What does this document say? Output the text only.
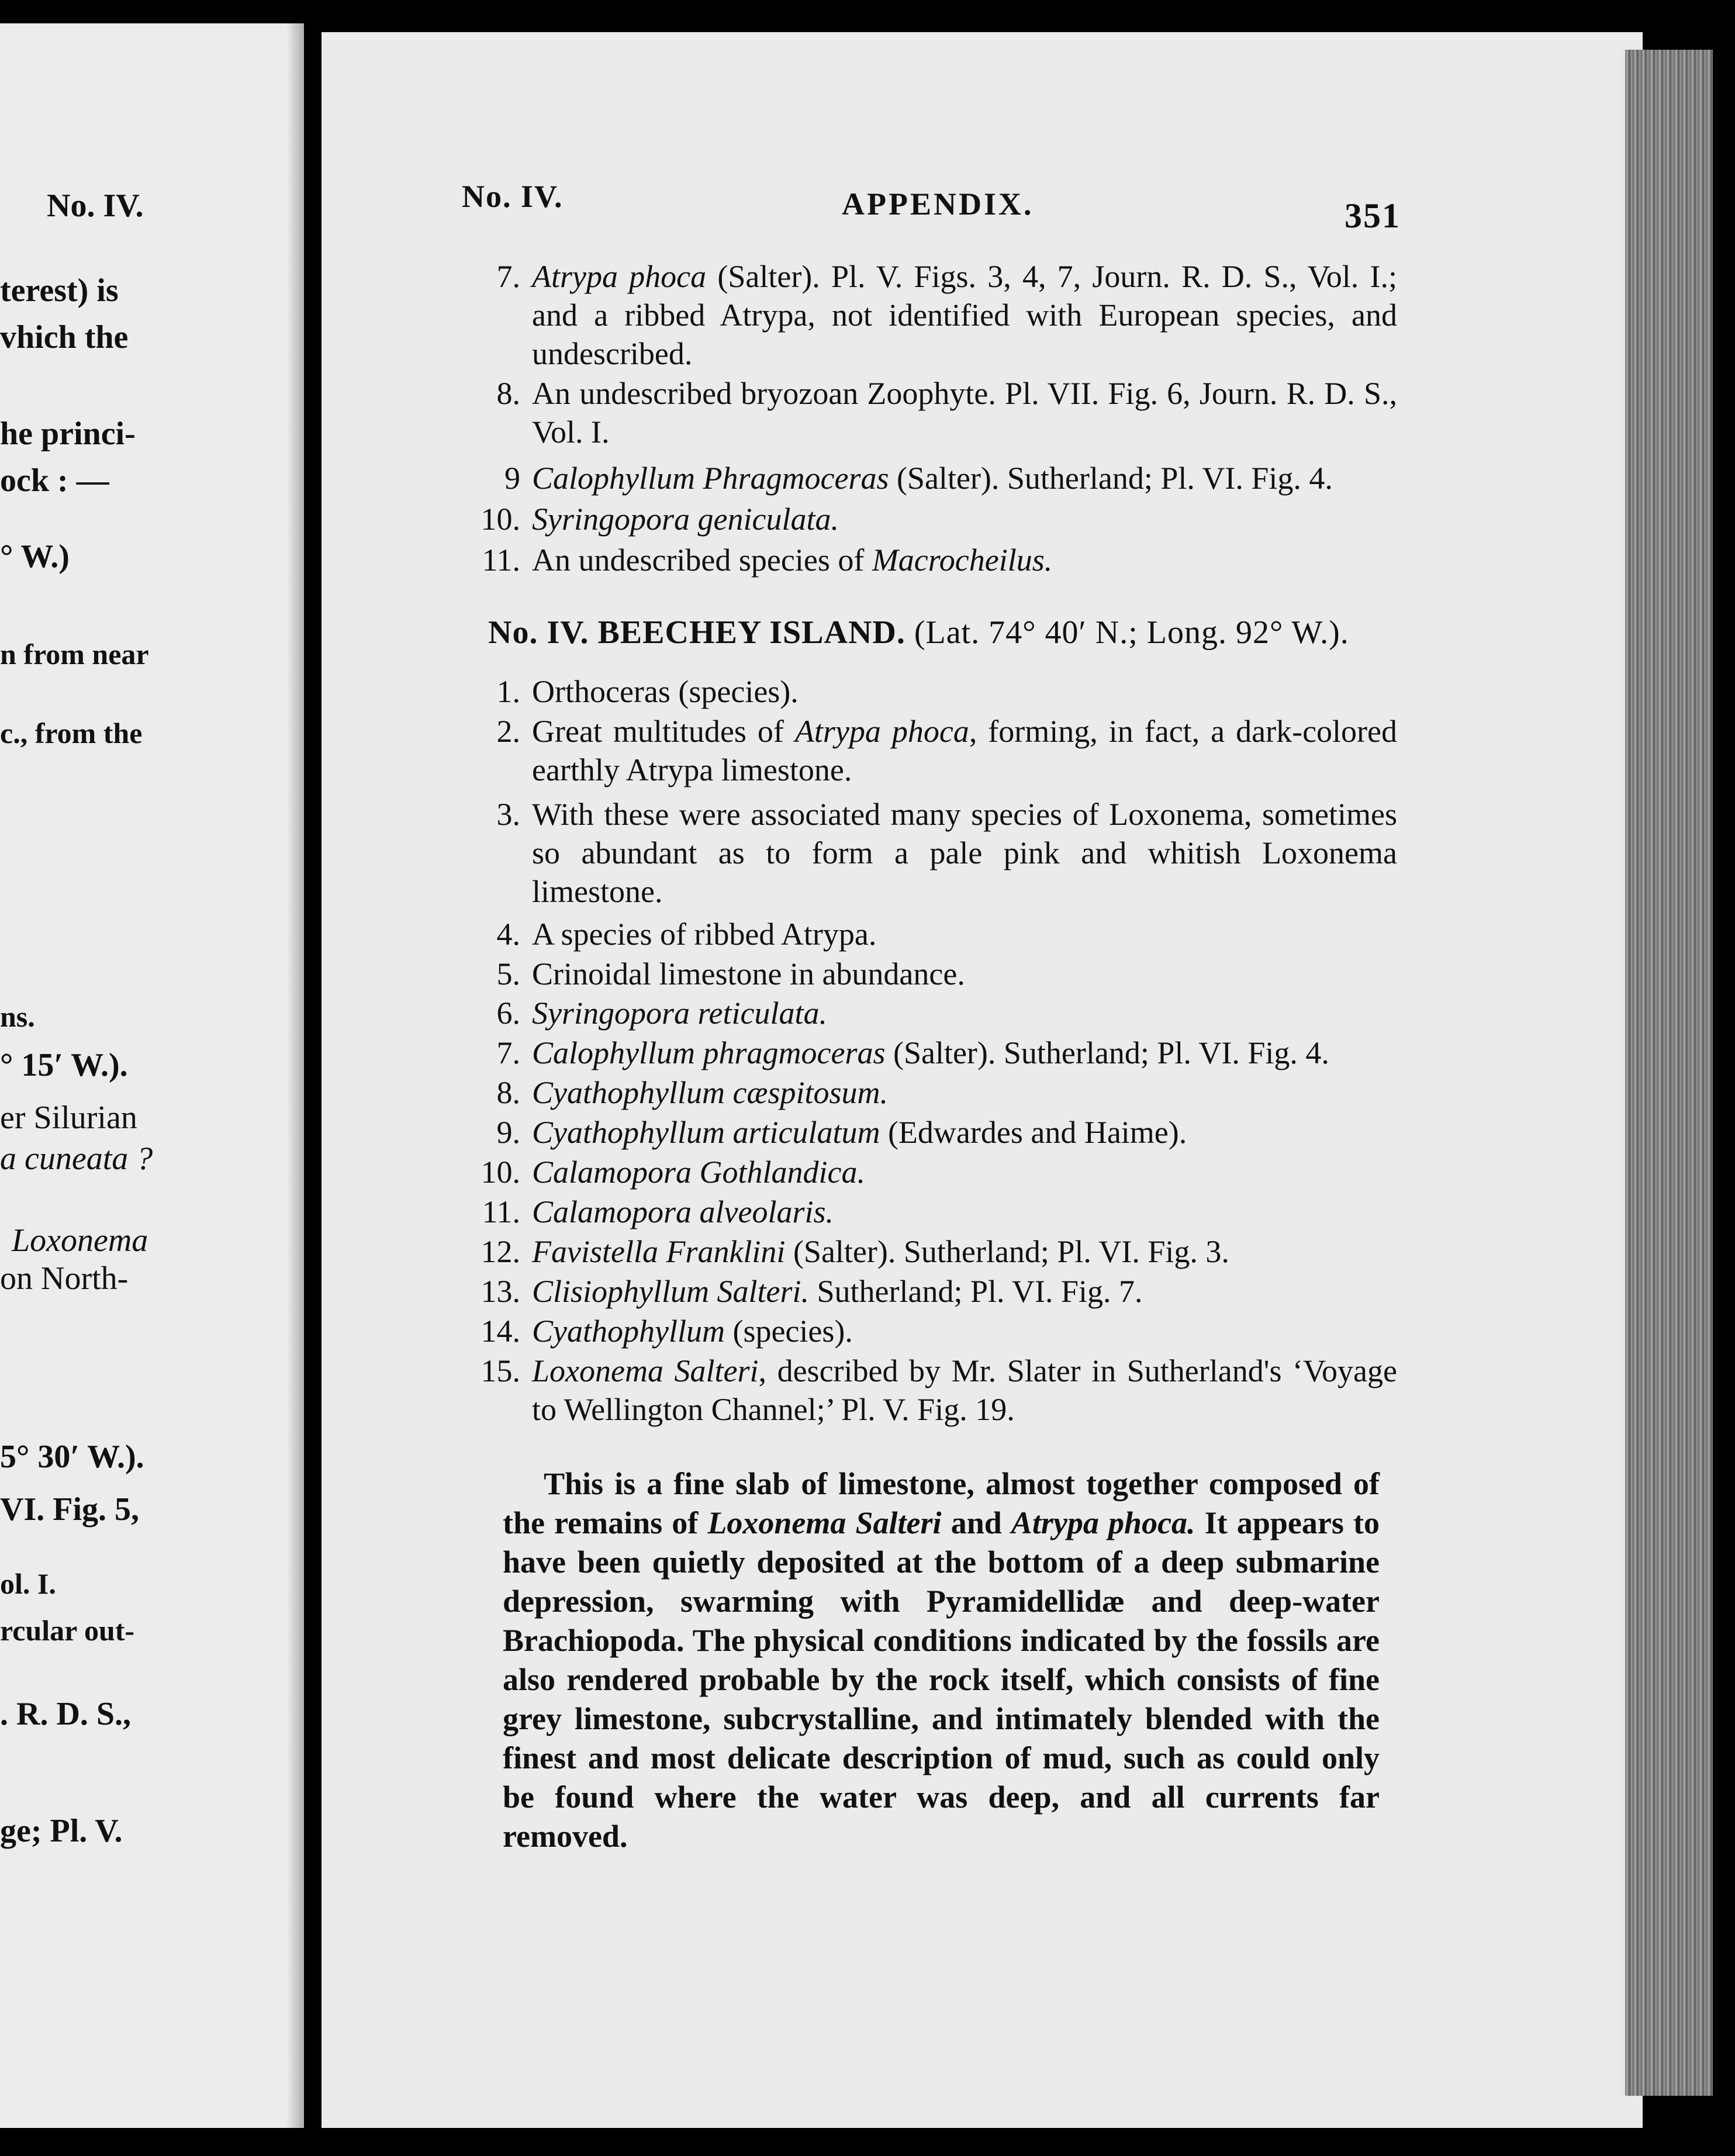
No. IV.
terest) is
vhich the
he princi-
ock : —
° W.)
n from near
c., from the
ns.
° 15′ W.).
er Silurian
a cuneata ?
Loxonema
on North-
5° 30′ W.).
VI. Fig. 5,
ol. I.
rcular out-
. R. D. S.,
ge; Pl. V.
No. IV.	APPENDIX.	351
7. Atrypa phoca (Salter). Pl. V. Figs. 3, 4, 7, Journ. R. D. S., Vol. I.; and a ribbed Atrypa, not identified with European species, and undescribed.
8. An undescribed bryozoan Zoophyte. Pl. VII. Fig. 6, Journ. R. D. S., Vol. I.
9 Calophyllum Phragmoceras (Salter). Sutherland; Pl. VI. Fig. 4.
10. Syringopora geniculata.
11. An undescribed species of Macrocheilus.
No. IV. BEECHEY ISLAND. (Lat. 74° 40′ N.; Long. 92° W.).
1. Orthoceras (species).
2. Great multitudes of Atrypa phoca, forming, in fact, a dark-colored earthly Atrypa limestone.
3. With these were associated many species of Loxonema, sometimes so abundant as to form a pale pink and whitish Loxonema limestone.
4. A species of ribbed Atrypa.
5. Crinoidal limestone in abundance.
6. Syringopora reticulata.
7. Calophyllum phragmoceras (Salter). Sutherland; Pl. VI. Fig. 4.
8. Cyathophyllum cæspitosum.
9. Cyathophyllum articulatum (Edwardes and Haime).
10. Calamopora Gothlandica.
11. Calamopora alveolaris.
12. Favistella Franklini (Salter). Sutherland; Pl. VI. Fig. 3.
13. Clisiophyllum Salteri. Sutherland; Pl. VI. Fig. 7.
14. Cyathophyllum (species).
15. Loxonema Salteri, described by Mr. Slater in Sutherland's ‘Voyage to Wellington Channel;’ Pl. V. Fig. 19.
This is a fine slab of limestone, almost together composed of the remains of Loxonema Salteri and Atrypa phoca. It appears to have been quietly deposited at the bottom of a deep submarine depression, swarming with Pyramidellidæ and deep-water Brachiopoda. The physical conditions indicated by the fossils are also rendered probable by the rock itself, which consists of fine grey limestone, subcrystalline, and intimately blended with the finest and most delicate description of mud, such as could only be found where the water was deep, and all currents far removed.
